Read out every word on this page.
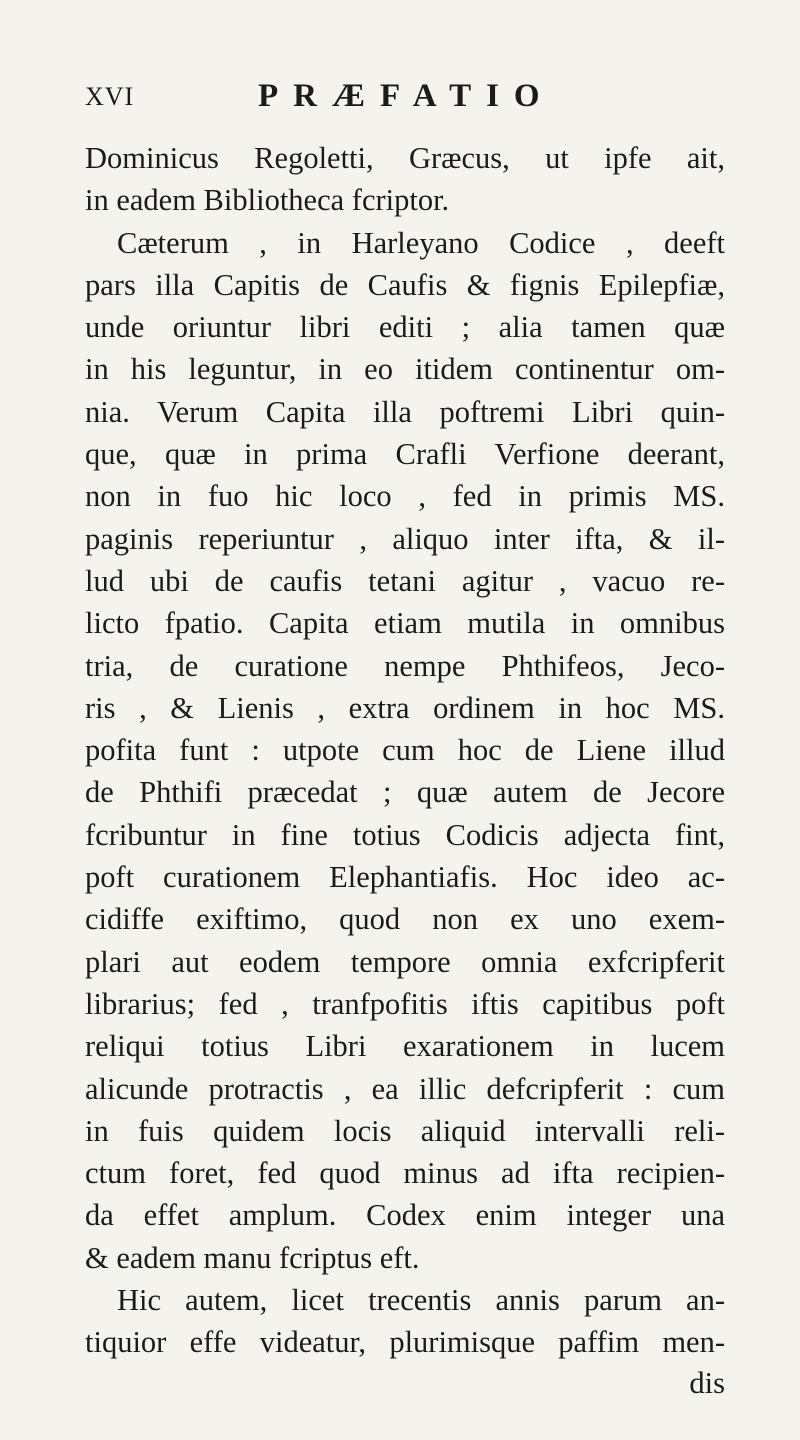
XVI	PRÆFATIO
Dominicus Regoletti, Græcus, ut ipfe ait,
in eadem Bibliotheca fcriptor.
Cæterum , in Harleyano Codice , deeft
pars illa Capitis de Caufis & fignis Epilepfiæ,
unde oriuntur libri editi ; alia tamen quæ
in his leguntur, in eo itidem continentur om-
nia. Verum Capita illa poftremi Libri quin-
que, quæ in prima Crafli Verfione deerant,
non in fuo hic loco , fed in primis MS.
paginis reperiuntur , aliquo inter ifta, & il-
lud ubi de caufis tetani agitur , vacuo re-
licto fpatio. Capita etiam mutila in omnibus
tria, de curatione nempe Phthifeos, Jeco-
ris , & Lienis , extra ordinem in hoc MS.
pofita funt : utpote cum hoc de Liene illud
de Phthifi præcedat ; quæ autem de Jecore
fcribuntur in fine totius Codicis adjecta fint,
poft curationem Elephantiafis. Hoc ideo ac-
cidiffe exiftimo, quod non ex uno exem-
plari aut eodem tempore omnia exfcripferit
librarius; fed , tranfpofitis iftis capitibus poft
reliqui totius Libri exarationem in lucem
alicunde protractis , ea illic defcripferit : cum
in fuis quidem locis aliquid intervalli reli-
ctum foret, fed quod minus ad ifta recipien-
da effet amplum. Codex enim integer una
& eadem manu fcriptus eft.
Hic autem, licet trecentis annis parum an-
tiquior effe videatur, plurimisque paffim men-
dis
